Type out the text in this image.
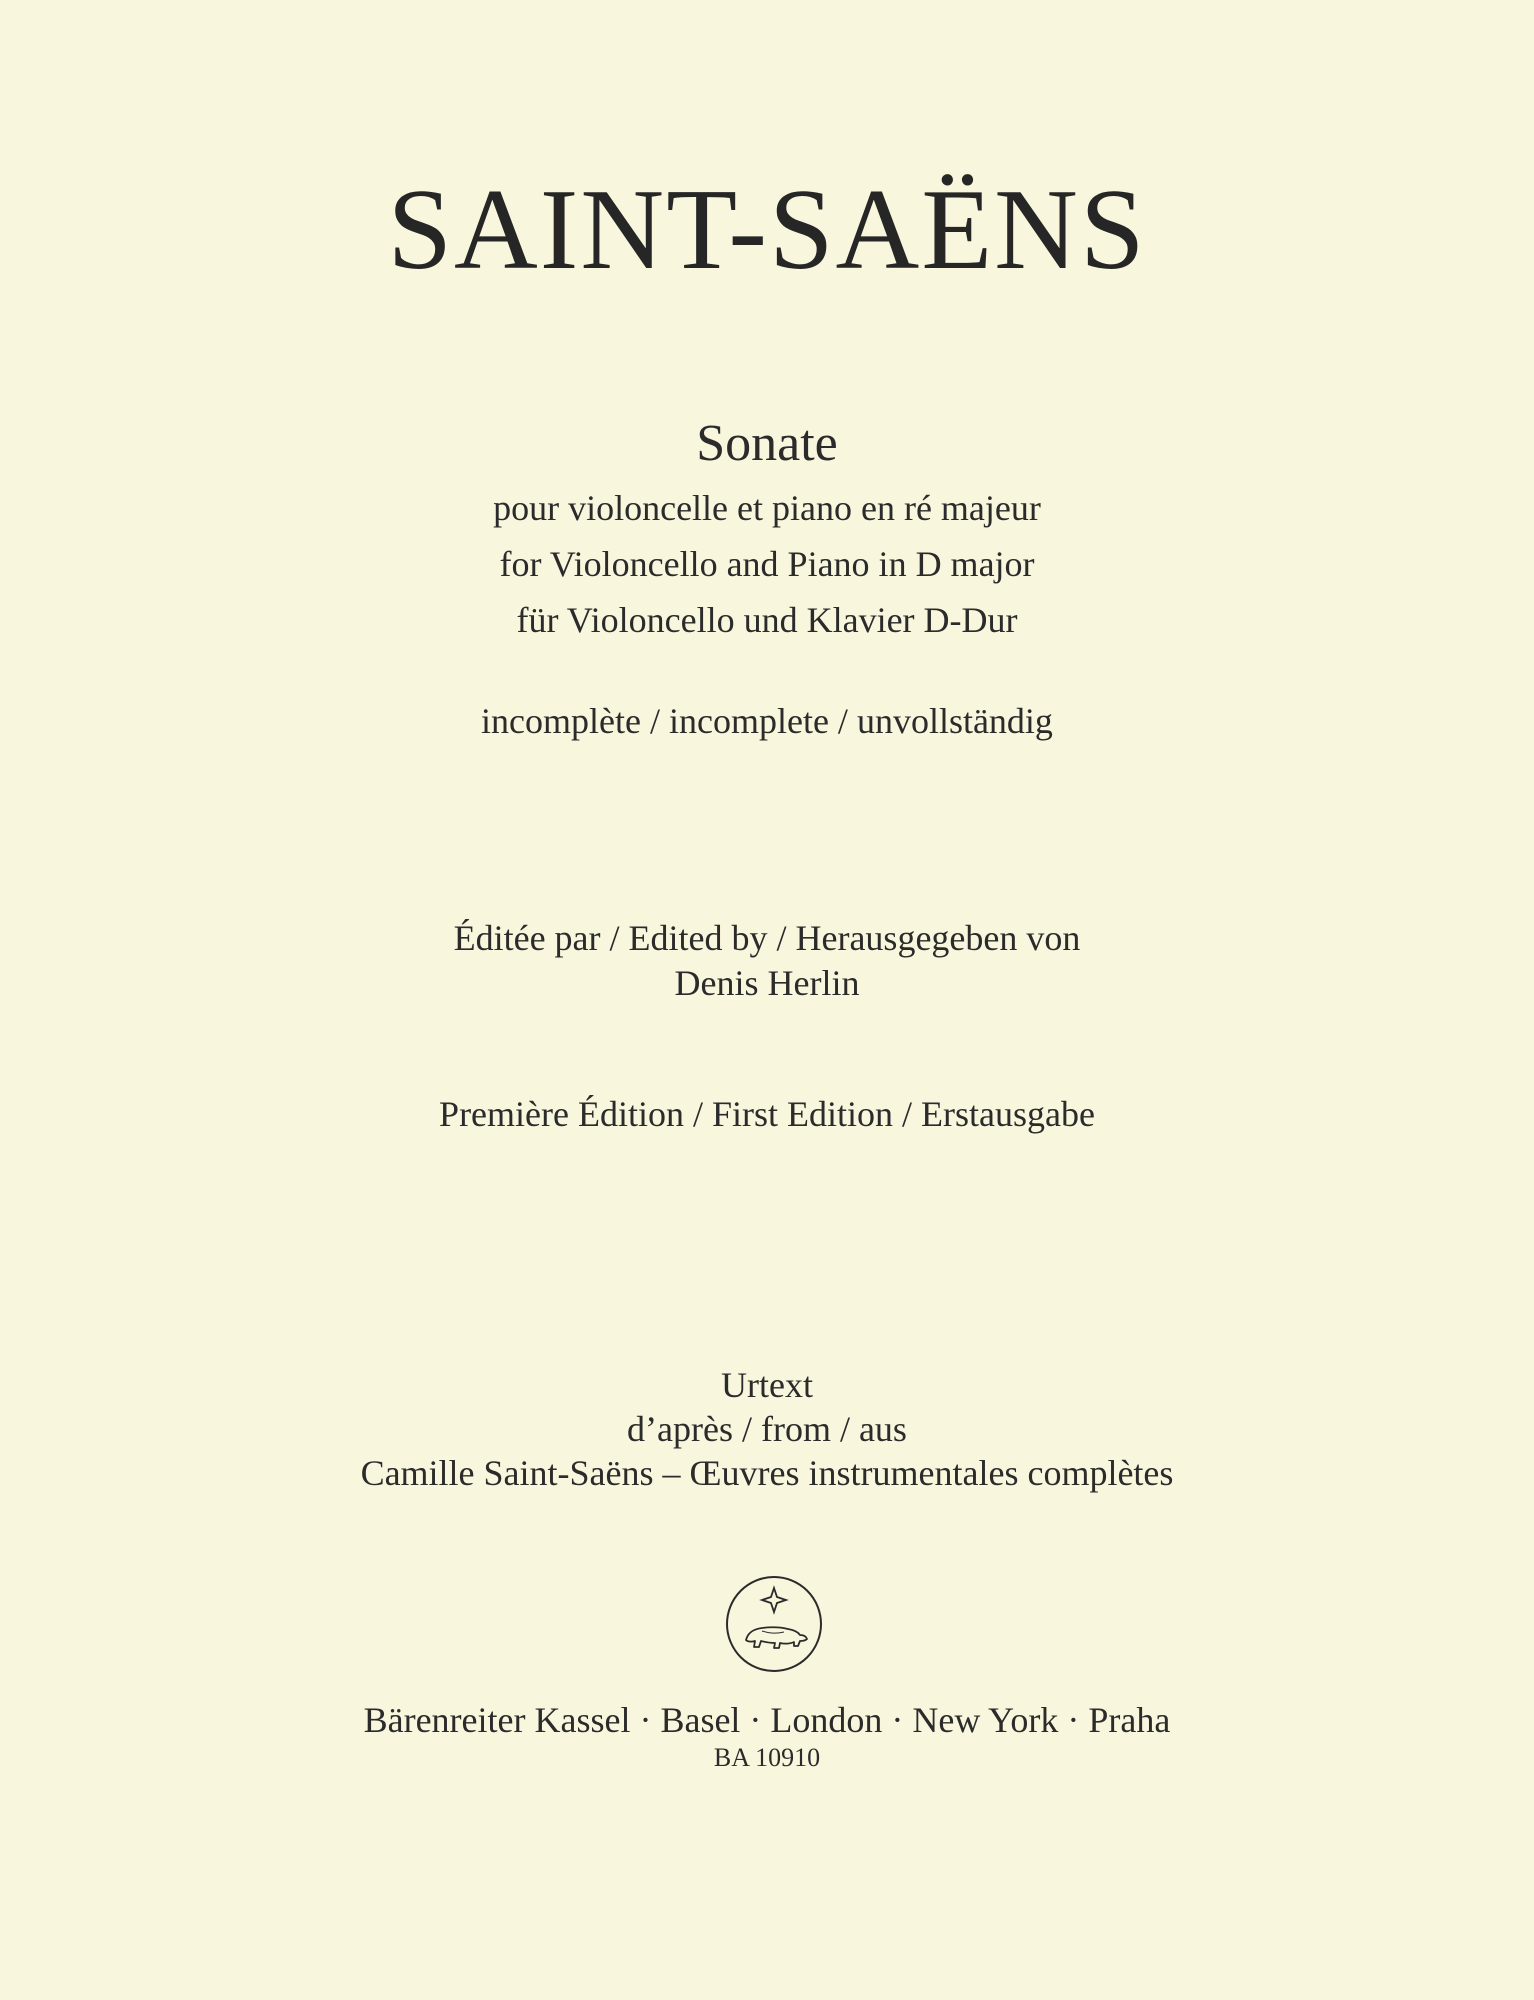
SAINT-SAËNS
Sonate
pour violoncelle et piano en ré majeur
for Violoncello and Piano in D major
für Violoncello und Klavier D-Dur
incomplète / incomplete / unvollständig
Éditée par / Edited by / Herausgegeben von
Denis Herlin
Première Édition / First Edition / Erstausgabe
Urtext
d’après / from / aus
Camille Saint-Saëns – Œuvres instrumentales complètes
Bärenreiter Kassel · Basel · London · New York · Praha
BA 10910
